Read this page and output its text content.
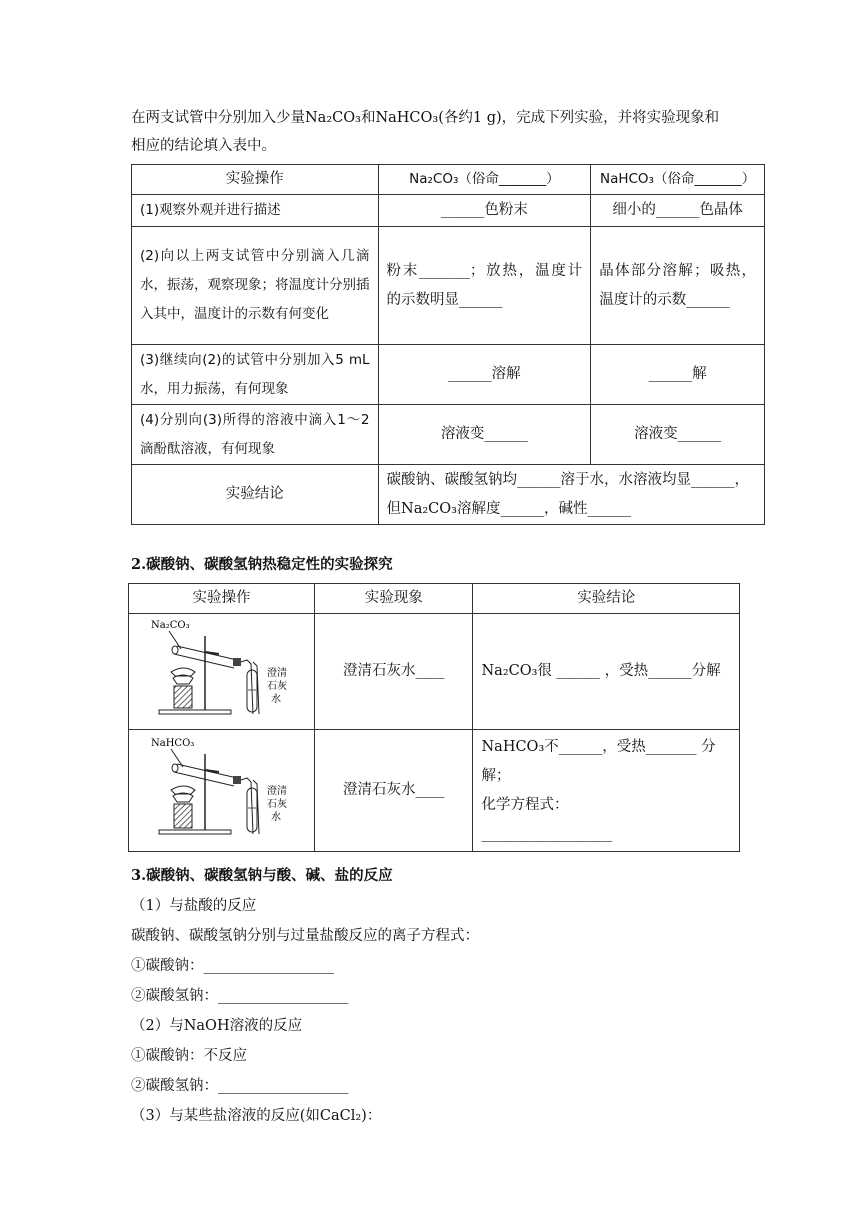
在两支试管中分别加入少量Na₂CO₃和NaHCO₃(各约1 g)，完成下列实验，并将实验现象和
相应的结论填入表中。
实验操作	Na₂CO₃（俗命_______）	NaHCO₃（俗命_______）
(1)观察外观并进行描述	______色粉末	细小的______色晶体
(2)向以上两支试管中分别滴入几滴水，振荡，观察现象；将温度计分别插入其中，温度计的示数有何变化	粉末_______；放热，温度计的示数明显______	晶体部分溶解；吸热，温度计的示数______
(3)继续向(2)的试管中分别加入5 mL水，用力振荡，有何现象	______溶解	______解
(4)分别向(3)所得的溶液中滴入1～2滴酚酞溶液，有何现象	溶液变______	溶液变______
实验结论	碳酸钠、碳酸氢钠均______溶于水，水溶液均显______，
但Na₂CO₃溶解度______，碱性______	
2.碳酸钠、碳酸氢钠热稳定性的实验探究
实验操作	实验现象	实验结论

Na₂CO₃
澄清石灰水	澄清石灰水____	Na₂CO₃很 ______ ，受热______分解

NaHCO₃
澄清石灰水	澄清石灰水____	NaHCO₃不______，受热_______ 分
解；
化学方程式：
__________________
3.碳酸钠、碳酸氢钠与酸、碱、盐的反应
（1）与盐酸的反应
碳酸钠、碳酸氢钠分别与过量盐酸反应的离子方程式：
①碳酸钠：__________________
②碳酸氢钠：__________________
（2）与NaOH溶液的反应
①碳酸钠：不反应
②碳酸氢钠：__________________
（3）与某些盐溶液的反应(如CaCl₂)：
